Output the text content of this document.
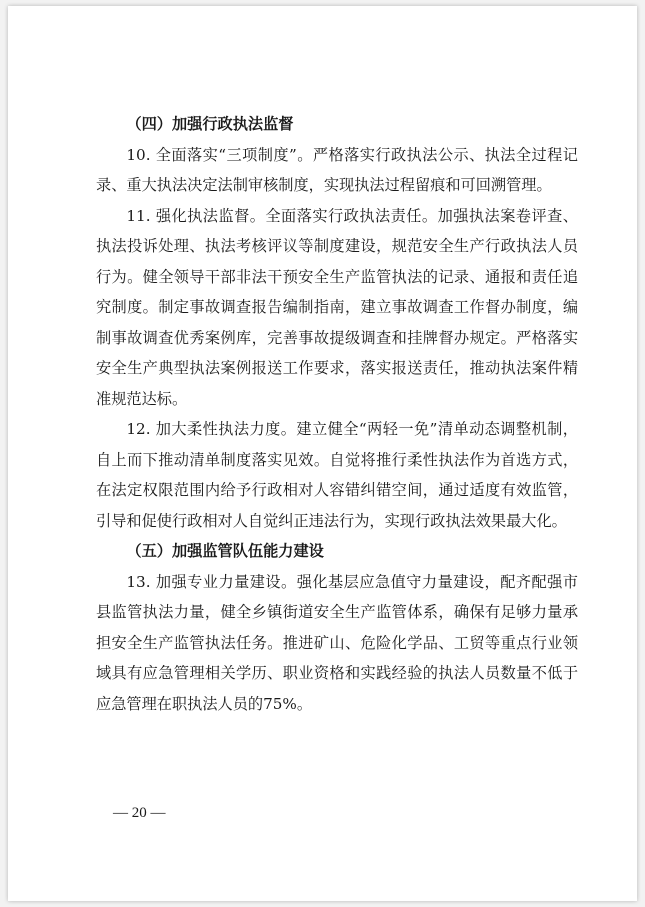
（四）加强行政执法监督

10. 全面落实“三项制度”。严格落实行政执法公示、执法全过程记录、重大执法决定法制审核制度，实现执法过程留痕和可回溯管理。

11. 强化执法监督。全面落实行政执法责任。加强执法案卷评查、执法投诉处理、执法考核评议等制度建设，规范安全生产行政执法人员行为。健全领导干部非法干预安全生产监管执法的记录、通报和责任追究制度。制定事故调查报告编制指南，建立事故调查工作督办制度，编制事故调查优秀案例库，完善事故提级调查和挂牌督办规定。严格落实安全生产典型执法案例报送工作要求，落实报送责任，推动执法案件精准规范达标。

12. 加大柔性执法力度。建立健全“两轻一免”清单动态调整机制，自上而下推动清单制度落实见效。自觉将推行柔性执法作为首选方式，在法定权限范围内给予行政相对人容错纠错空间，通过适度有效监管，引导和促使行政相对人自觉纠正违法行为，实现行政执法效果最大化。

（五）加强监管队伍能力建设

13. 加强专业力量建设。强化基层应急值守力量建设，配齐配强市县监管执法力量，健全乡镇街道安全生产监管体系，确保有足够力量承担安全生产监管执法任务。推进矿山、危险化学品、工贸等重点行业领域具有应急管理相关学历、职业资格和实践经验的执法人员数量不低于应急管理在职执法人员的75%。

— 20 —
